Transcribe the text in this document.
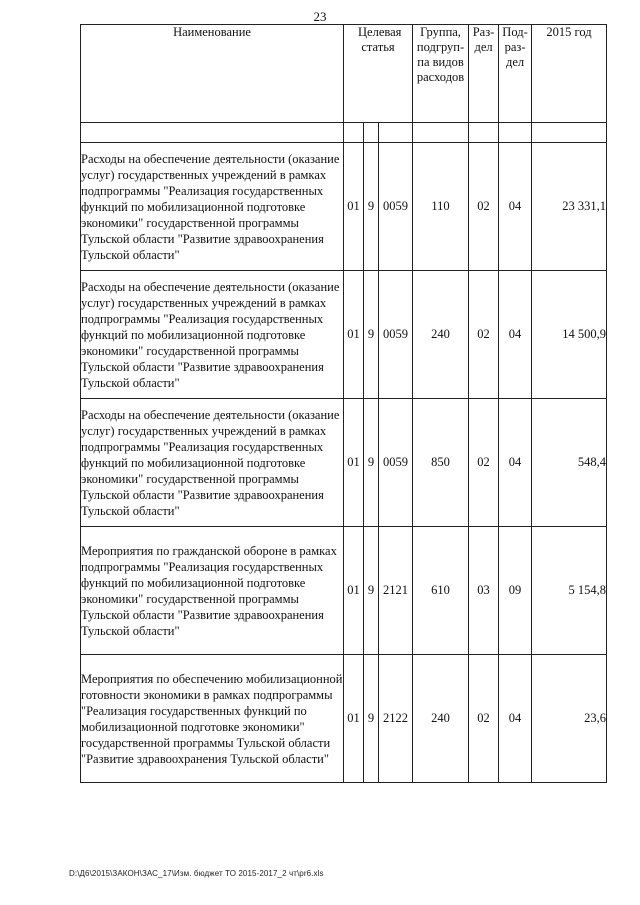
23
Наименование	Целевая статья			Группа, подгруп-па видов расходов	Раз-дел	Под-раз-дел	2015 год

Расходы на обеспечение деятельности (оказание услуг) государственных учреждений в рамках подпрограммы "Реализация государственных функций по мобилизационной подготовке экономики" государственной программы Тульской области "Развитие здравоохранения Тульской области"	01	9	0059	110	02	04	23 331,1
Расходы на обеспечение деятельности (оказание услуг) государственных учреждений в рамках подпрограммы "Реализация государственных функций по мобилизационной подготовке экономики" государственной программы Тульской области "Развитие здравоохранения Тульской области"	01	9	0059	240	02	04	14 500,9
Расходы на обеспечение деятельности (оказание услуг) государственных учреждений в рамках подпрограммы "Реализация государственных функций по мобилизационной подготовке экономики" государственной программы Тульской области "Развитие здравоохранения Тульской области"	01	9	0059	850	02	04	548,4
Мероприятия по гражданской обороне в рамках подпрограммы "Реализация государственных функций по мобилизационной подготовке экономики" государственной программы Тульской области "Развитие здравоохранения Тульской области"	01	9	2121	610	03	09	5 154,8
Мероприятия по обеспечению мобилизационной готовности экономики в рамках подпрограммы "Реализация государственных функций по мобилизационной подготовке экономики" государственной программы Тульской области "Развитие здравоохранения Тульской области"	01	9	2122	240	02	04	23,6
D:\Д6\2015\ЗАКОН\ЗАС_17\Изм. бюджет ТО 2015-2017_2 чт\pr6.xls
